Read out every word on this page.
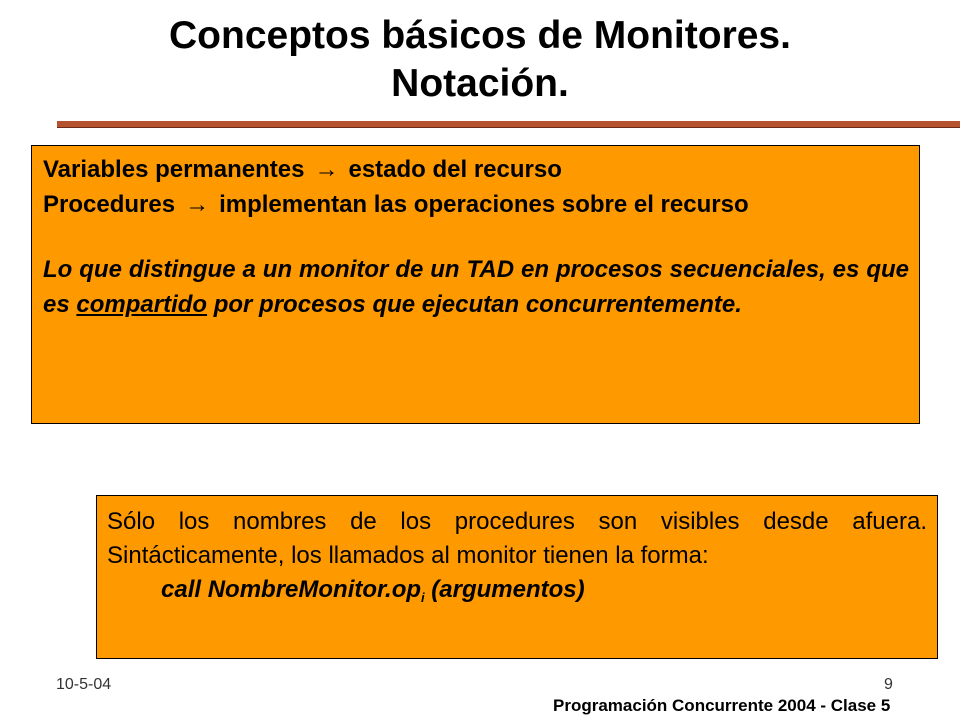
Conceptos básicos de Monitores.
Notación.

Variables permanentes → estado del recurso

Procedures → implementan las operaciones sobre el recurso

Lo que distingue a un monitor de un TAD en procesos secuenciales, es que es compartido por procesos que ejecutan concurrentemente.

Sólo los nombres de los procedures son visibles desde afuera. Sintácticamente, los llamados al monitor tienen la forma:

call $NombreMonitor.op_i$ (argumentos)

10-5-04	9
Programación Concurrente 2004 - Clase 5
